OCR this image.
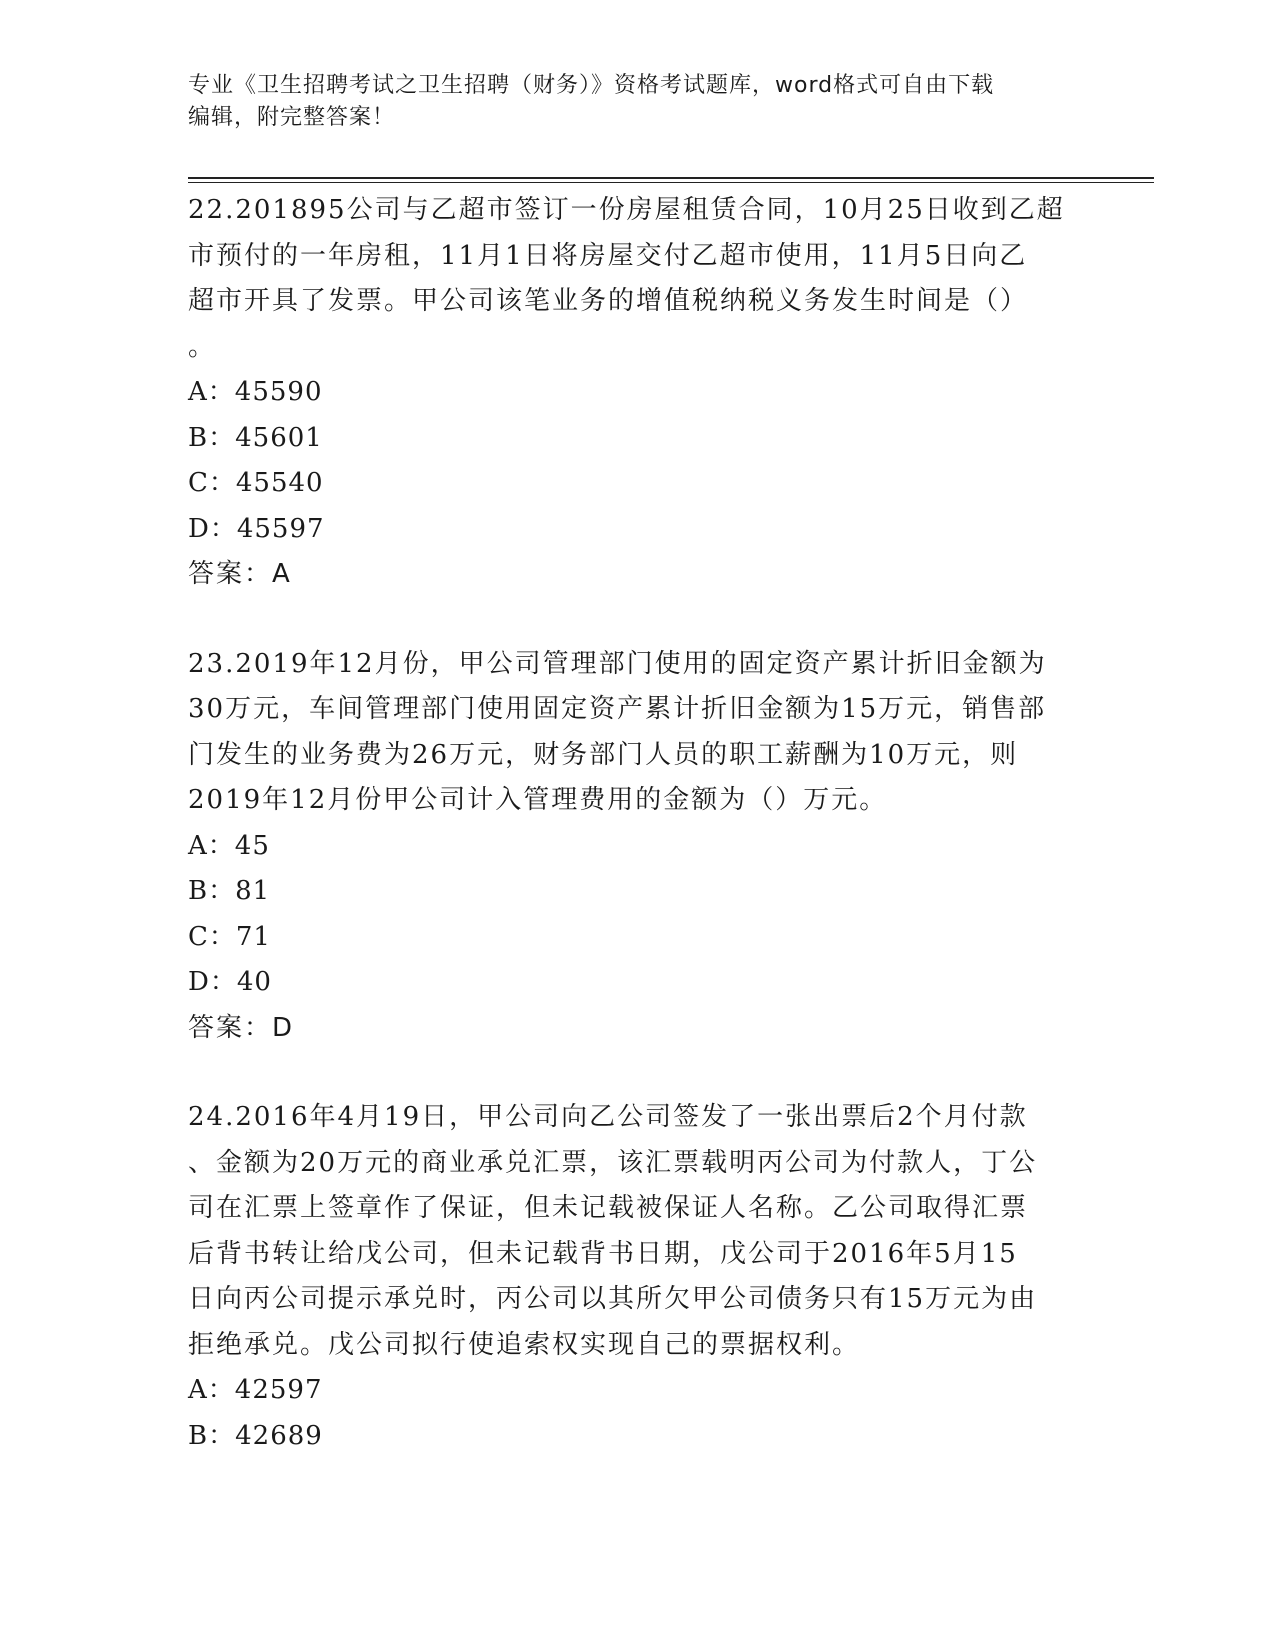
专业《卫生招聘考试之卫生招聘（财务）》资格考试题库，word格式可自由下载
编辑，附完整答案！

22.201895公司与乙超市签订一份房屋租赁合同，10月25日收到乙超

市预付的一年房租，11月1日将房屋交付乙超市使用，11月5日向乙

超市开具了发票。甲公司该笔业务的增值税纳税义务发生时间是（）

。

A：45590

B：45601

C：45540

D：45597

答案：A

23.2019年12月份，甲公司管理部门使用的固定资产累计折旧金额为

30万元，车间管理部门使用固定资产累计折旧金额为15万元，销售部

门发生的业务费为26万元，财务部门人员的职工薪酬为10万元，则

2019年12月份甲公司计入管理费用的金额为（）万元。

A：45

B：81

C：71

D：40

答案：D

24.2016年4月19日，甲公司向乙公司签发了一张出票后2个月付款

、金额为20万元的商业承兑汇票，该汇票载明丙公司为付款人，丁公

司在汇票上签章作了保证，但未记载被保证人名称。乙公司取得汇票

后背书转让给戊公司，但未记载背书日期，戊公司于2016年5月15

日向丙公司提示承兑时，丙公司以其所欠甲公司债务只有15万元为由

拒绝承兑。戊公司拟行使追索权实现自己的票据权利。

A：42597

B：42689
